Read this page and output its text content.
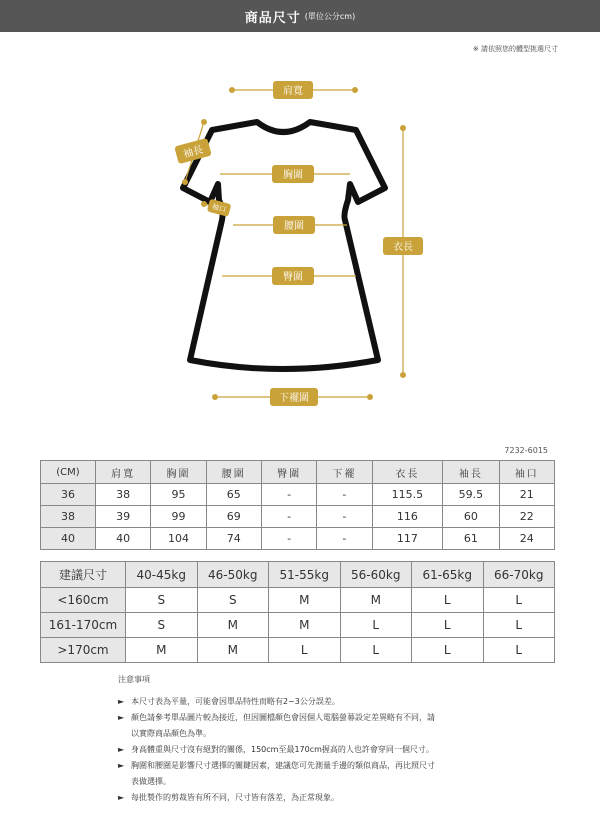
商品尺寸 (單位公分cm)
※ 請依照您的體型挑選尺寸
肩寬
袖長
胸圍
袖口
腰圍
臀圍
衣長
下襬圍
7232-6015
(CM)	肩寬	胸圍	腰圍	臀圍	下襬	衣長	袖長	袖口
36	38	95	65	-	-	115.5	59.5	21
38	39	99	69	-	-	116	60	22
40	40	104	74	-	-	117	61	24
建議尺寸	40-45kg	46-50kg	51-55kg	56-60kg	61-65kg	66-70kg
<160cm	S	S	M	M	L	L
161-170cm	S	M	M	L	L	L
>170cm	M	M	L	L	L	L
注意事項
► 本尺寸表為平量，可能會因單品特性而略有2~3公分誤差。
► 顏色請參考單品圖片較為接近，但因圖檔顏色會因個人電腦螢幕設定差異略有不同，請
以實際商品顏色為準。
► 身高體重與尺寸沒有絕對的關係，150cm至最170cm握高的人也許會穿同一個尺寸。
► 胸圍和腰圍是影響尺寸選擇的關鍵因素，建議您可先測量手邊的類似商品，再比照尺寸
表做選擇。
► 每批製作的剪裁皆有所不同，尺寸皆有落差，為正常現象。
